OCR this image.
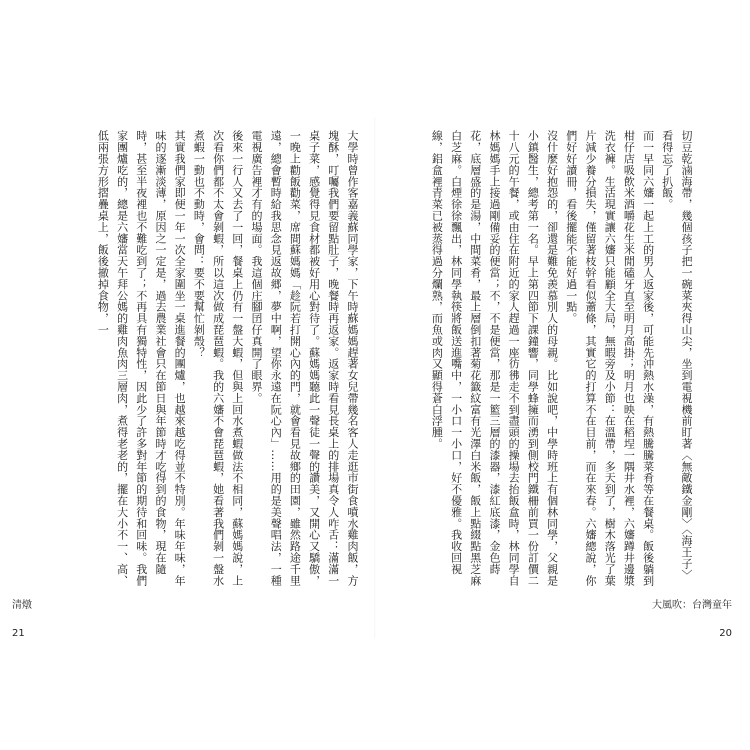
大學時曾作客嘉義蘇同學家，下午時蘇媽媽趕著女兒帶幾名客人走逛市街食噴水雞肉飯，方塊酥，叮囑我們要留點肚子，晚餐時再返家。返家時看見長桌上的排場真令人咋舌：滿滿一桌子菜，感覺得見食材都被好用心對待了。蘇媽媽聽此一聲徒一聲的讚美，又開心又驕傲，一晚上勸飯勸菜，席間蘇媽媽「趁阮若打開心內的門，就會看見故鄉的田園，雖然路途千里遠，總會暫時給我思念見返故郷，夢中啊，望你永遠在阮心內」……用的是美聲唱法，一種電視廣告裡才有的場面。我這個庄腳囝仔真開了眼界。
後來一行人又去了一回，餐桌上仍有一盤大蝦，但與上回水煮蝦做法不相同，蘇媽媽說，上次看你們都不太會剝蝦，所以這次做成琵琶蝦。我的六嬸不會琵琶蝦，她看著我們剝一盤水煮蝦一動也不動時，會問：要不要幫忙剝殼？
其實我們家即便一年一次全家圍坐一桌進餐的團爐，也越來越吃得並不特別。年味年味，年味的逐漸淡薄，原因之一定是，過去農業社會只在節日與年節時才吃得到的食物，現在隨時，甚至半夜裡也不難吃到了；不再具有獨特性，因此少了許多對年節的期待和回味。我們家團爐吃的，總是六嬸當天午拜公媽的雞肉魚肉三層肉，煮得老老的，擺在大小不一、高、低兩張方形摺疊桌上，飯後撤掉食物，一	切豆乾滷海帶，幾個孩子把一碗菜夾得山尖，坐到電視機前盯著〈無敵鐵金剛〉〈海王子〉看得忘了扒飯。
而一早同六嬸一起上工的男人返家後，可能先沖熱水澡，有熱騰騰菜肴等在餐桌。飯後躺到柑仔店吸飲米酒嚼花生米閒磕牙直至明月高掛；明月也映在稻埕一隅井水裡，六嬸蹲井邊漿洗衣褲。生活現實讓六嬸只能顧全大局，無暇旁及小節：在溫帶，多天到了，樹木落光了葉片減少養分損失，僅留著枝幹看似蕭條，其實它的打算不在目前，而在來春。六嬸總說，你們好好讀冊，看後擺能不能好過一點。
沒什麼好抱怨的，卻還是難免羨慕別人的母親。比如說吧，中學時班上有個林同學，父親是小鎮醫生，總考第一名。早上第四節下課鐘響，同學蜂擁而湧到側校門鐵柵前買一份訂價二十八元的午餐，或由住在附近的家人趕過一座彷彿走不到盡頭的操場去抬飯盒時，林同學自林媽媽手上接過剛備妥的便當；不，不是便當，那是一籃三層的漆器，漆紅底漆，金色蒔花，底層盛的是湯，中間菜肴，最上層倒扣著菊花籤紋富有光澤白米飯，飯上點綴點黑芝麻白芝麻。白煙徐徐飄出，林同學執筷將飯送進嘴中，一小口一小口，好不優雅。我收回視線，鋁盒裡青菜已被蒸得過分爛熟，而魚或肉又顯得蒼白浮腫。
清燉
21
大風吹：台灣童年
20
